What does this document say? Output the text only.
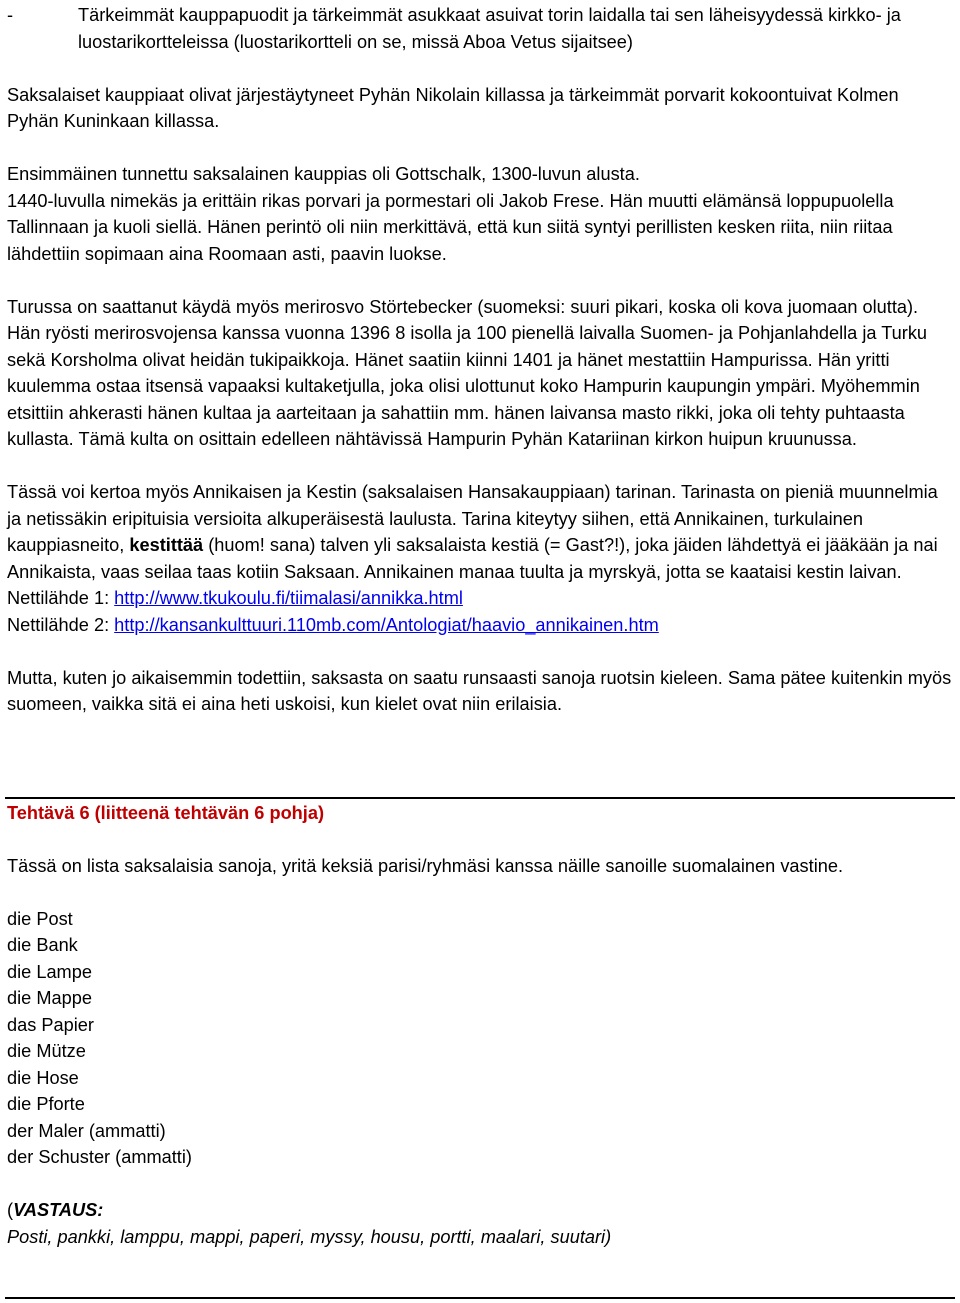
-	Tärkeimmät kauppapuodit ja tärkeimmät asukkaat asuivat torin laidalla tai sen läheisyydessä kirkko- ja luostarikortteleissa (luostarikortteli on se, missä Aboa Vetus sijaitsee)

Saksalaiset kauppiaat olivat järjestäytyneet Pyhän Nikolain killassa ja tärkeimmät porvarit kokoontuivat Kolmen Pyhän Kuninkaan killassa.

Ensimmäinen tunnettu saksalainen kauppias oli Gottschalk, 1300-luvun alusta.

1440-luvulla nimekäs ja erittäin rikas porvari ja pormestari oli Jakob Frese. Hän muutti elämänsä loppupuolella Tallinnaan ja kuoli siellä. Hänen perintö oli niin merkittävä, että kun siitä syntyi perillisten kesken riita, niin riitaa lähdettiin sopimaan aina Roomaan asti, paavin luokse.

Turussa on saattanut käydä myös merirosvo Störtebecker (suomeksi: suuri pikari, koska oli kova juomaan olutta). Hän ryösti merirosvojensa kanssa vuonna 1396 8 isolla ja 100 pienellä laivalla Suomen- ja Pohjanlahdella ja Turku sekä Korsholma olivat heidän tukipaikkoja. Hänet saatiin kiinni 1401 ja hänet mestattiin Hampurissa. Hän yritti kuulemma ostaa itsensä vapaaksi kultaketjulla, joka olisi ulottunut koko Hampurin kaupungin ympäri. Myöhemmin etsittiin ahkerasti hänen kultaa ja aarteitaan ja sahattiin mm. hänen laivansa masto rikki, joka oli tehty puhtaasta kullasta. Tämä kulta on osittain edelleen nähtävissä Hampurin Pyhän Katariinan kirkon huipun kruunussa.

Tässä voi kertoa myös Annikaisen ja Kestin (saksalaisen Hansakauppiaan) tarinan. Tarinasta on pieniä muunnelmia ja netissäkin eripituisia versioita alkuperäisestä laulusta. Tarina kiteytyy siihen, että Annikainen, turkulainen kauppiasneito, kestittää (huom! sana) talven yli saksalaista kestiä (= Gast?!), joka jäiden lähdettyä ei jääkään ja nai Annikaista, vaas seilaa taas kotiin Saksaan. Annikainen manaa tuulta ja myrskyä, jotta se kaataisi kestin laivan.

Nettilähde 1: http://www.tkukoulu.fi/tiimalasi/annikka.html

Nettilähde 2: http://kansankulttuuri.110mb.com/Antologiat/haavio_annikainen.htm

Mutta, kuten jo aikaisemmin todettiin, saksasta on saatu runsaasti sanoja ruotsin kieleen. Sama pätee kuitenkin myös suomeen, vaikka sitä ei aina heti uskoisi, kun kielet ovat niin erilaisia.

Tehtävä 6 (liitteenä tehtävän 6 pohja)

Tässä on lista saksalaisia sanoja, yritä keksiä parisi/ryhmäsi kanssa näille sanoille suomalainen vastine.

die Post

die Bank

die Lampe

die Mappe

das Papier

die Mütze

die Hose

die Pforte

der Maler (ammatti)

der Schuster (ammatti)

(VASTAUS:

Posti, pankki, lamppu, mappi, paperi, myssy, housu, portti, maalari, suutari)
